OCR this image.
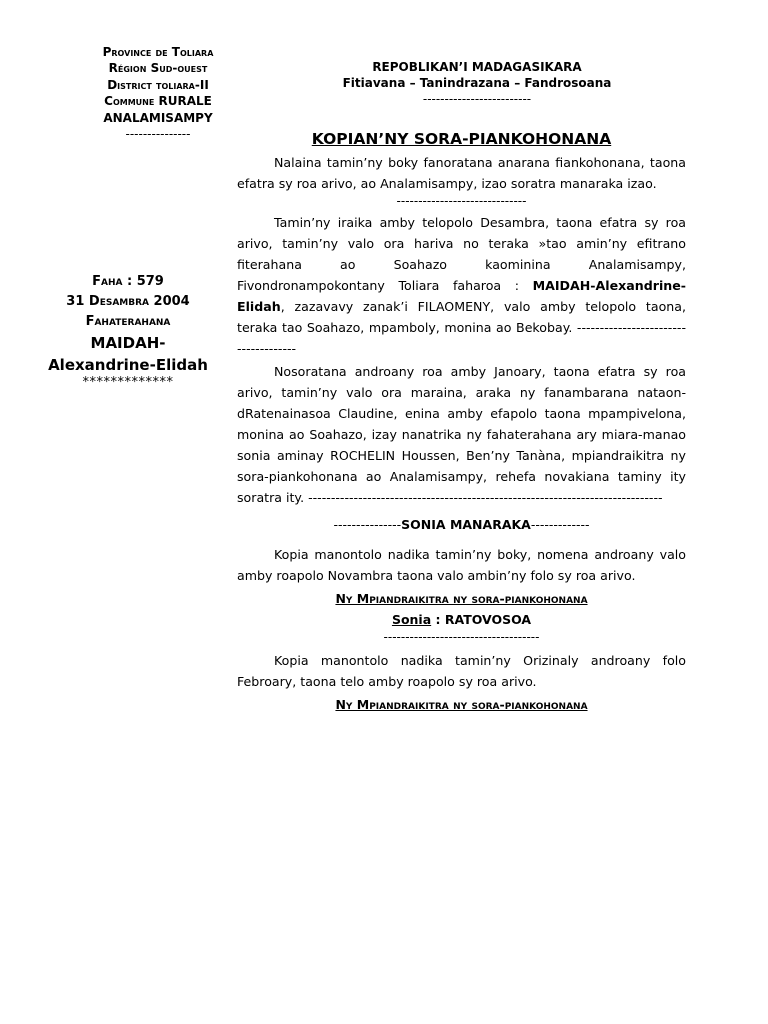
Province de Toliara
Région Sud-ouest
District toliara-II
Commune RURALE
ANALAMISAMPY
---------------
REPOBLIKAN’I MADAGASIKARA
Fitiavana – Tanindrazana – Fandrosoana
-------------------------
Faha : 579
31 Desambra 2004
Fahaterahana
MAIDAH-Alexandrine-Elidah
*************

KOPIAN’NY SORA-PIANKOHONANA

Nalaina tamin’ny boky fanoratana anarana fiankohonana, taona efatra sy roa arivo, ao Analamisampy, izao soratra manaraka izao.

------------------------------

Tamin’ny iraika amby telopolo Desambra, taona efatra sy roa arivo, tamin’ny valo ora hariva no teraka »tao amin’ny efitrano fiterahana ao Soahazo kaominina Analamisampy, Fivondronampokontany Toliara faharoa : MAIDAH-Alexandrine-Elidah, zazavavy zanak’i FILAOMENY, valo amby telopolo taona, teraka tao Soahazo, mpamboly, monina ao Bekobay. -------------------------------------

Nosoratana androany roa amby Janoary, taona efatra sy roa arivo, tamin’ny valo ora maraina, araka ny fanambarana nataon-dRatenainasoa Claudine, enina amby efapolo taona mpampivelona, monina ao Soahazo, izay nanatrika ny fahaterahana ary miara-manao sonia aminay ROCHELIN Houssen, Ben’ny Tanàna, mpiandraikitra ny sora-piankohonana ao Analamisampy, rehefa novakiana taminy ity soratra ity. ------------------------------------------------------------------------------

---------------SONIA MANARAKA-------------

Kopia manontolo nadika tamin’ny boky, nomena androany valo amby roapolo Novambra taona valo ambin’ny folo sy roa arivo.

Ny Mpiandraikitra ny sora-piankohonana

Sonia : RATOVOSOA

------------------------------------

Kopia manontolo nadika tamin’ny Orizinaly androany folo Febroary, taona telo amby roapolo sy roa arivo.

Ny Mpiandraikitra ny sora-piankohonana
